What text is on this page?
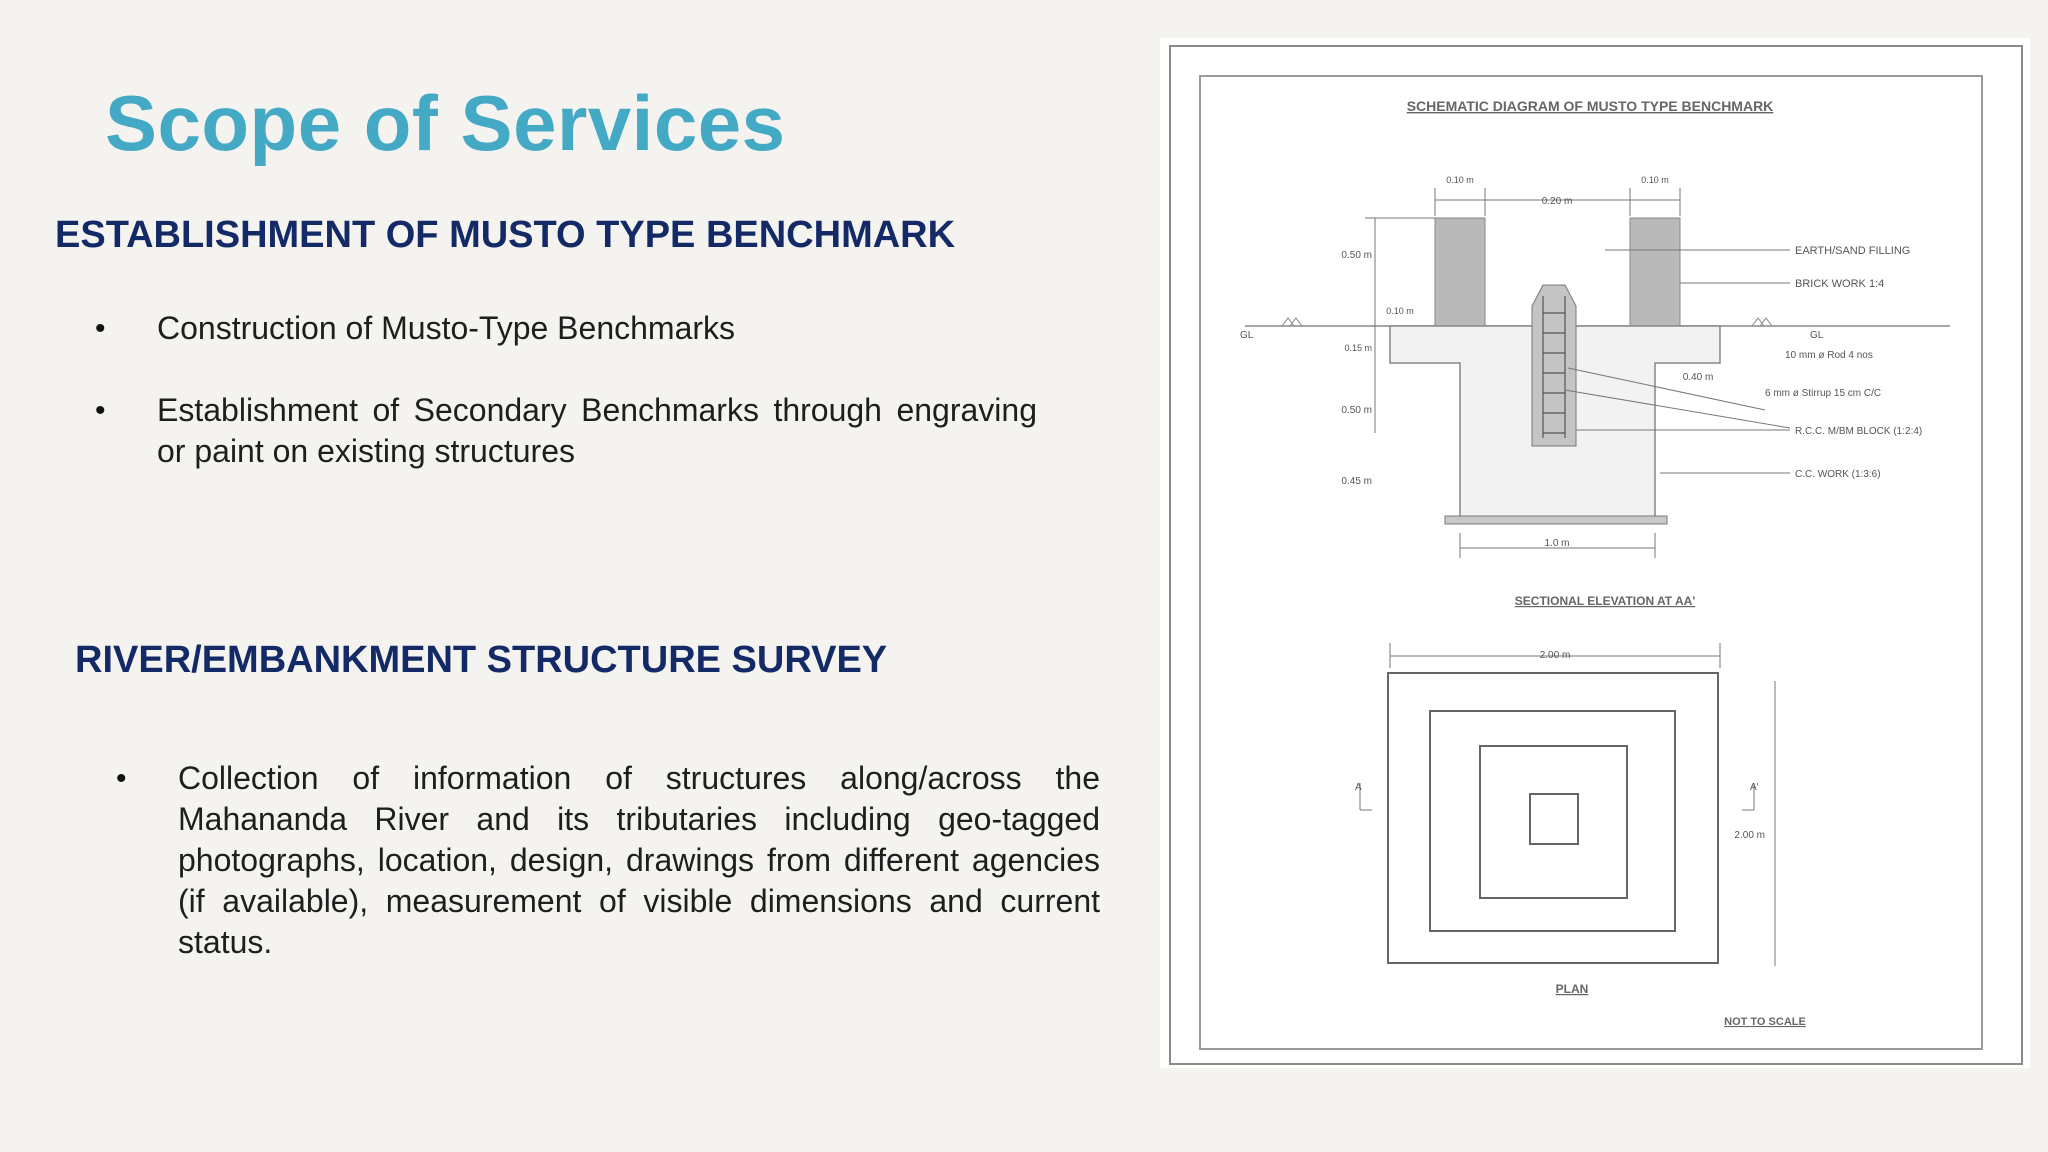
Scope of Services
ESTABLISHMENT OF MUSTO TYPE BENCHMARK
• Construction of Musto-Type Benchmarks
• Establishment of Secondary Benchmarks through engraving or paint on existing structures
RIVER/EMBANKMENT STRUCTURE SURVEY
• Collection of information of structures along/across the Mahananda River and its tributaries including geo-tagged photographs, location, design, drawings from different agencies (if available), measurement of visible dimensions and current status.
SCHEMATIC DIAGRAM OF MUSTO TYPE BENCHMARK
GL	GL
0.10 m
0.20 m
0.10 m
0.50 m
0.10 m
0.15 m
0.50 m
0.45 m
0.40 m
1.0 m
EARTH/SAND FILLING
BRICK WORK 1:4
10 mm ø Rod 4 nos
6 mm ø Stirrup 15 cm C/C
R.C.C. M/BM BLOCK (1:2:4)
C.C. WORK (1:3:6)
SECTIONAL ELEVATION AT AA'
2.00 m
2.00 m
A	A'
PLAN
NOT TO SCALE
